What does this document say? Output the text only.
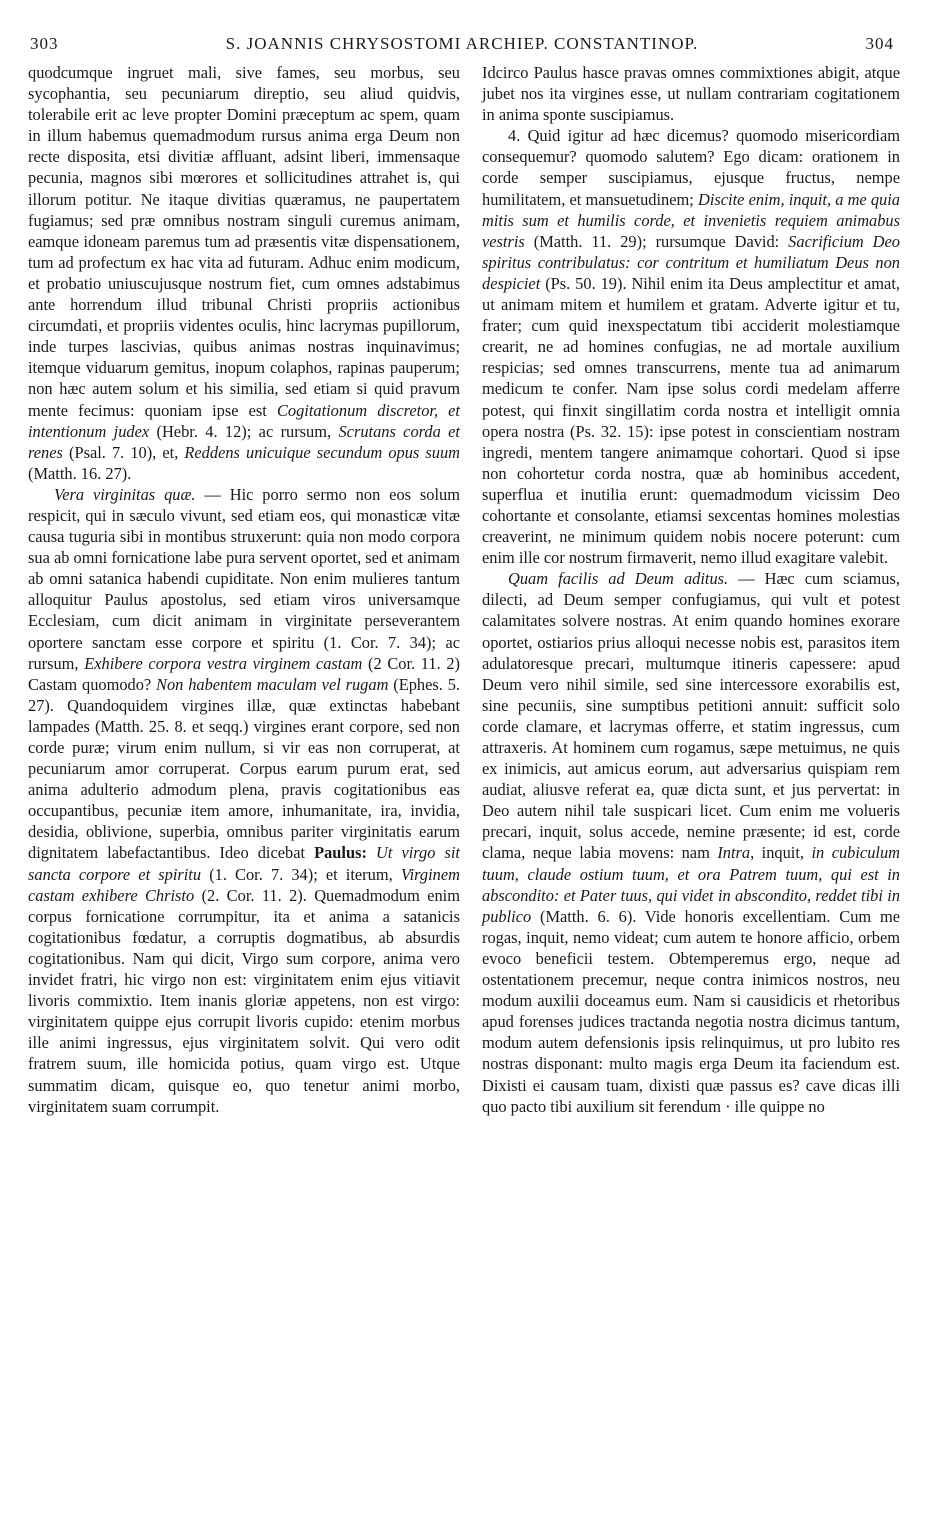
303	S. JOANNIS CHRYSOSTOMI ARCHIEP. CONSTANTINOP.	304

quodcumque ingruet mali, sive fames, seu morbus, seu sycophantia, seu pecuniarum direptio, seu aliud quidvis, tolerabile erit ac leve propter Domini præceptum ac spem, quam in illum habemus quemadmodum rursus anima erga Deum non recte disposita, etsi divitiæ affluant, adsint liberi, immensaque pecunia, magnos sibi mœrores et sollicitudines attrahet is, qui illorum potitur. Ne itaque divitias quæramus, ne paupertatem fugiamus; sed præ omnibus nostram singuli curemus animam, eamque idoneam paremus tum ad præsentis vitæ dispensationem, tum ad profectum ex hac vita ad futuram. Adhuc enim modicum, et probatio uniuscujusque nostrum fiet, cum omnes adstabimus ante horrendum illud tribunal Christi propriis actionibus circumdati, et propriis videntes oculis, hinc lacrymas pupillorum, inde turpes lascivias, quibus animas nostras inquinavimus; itemque viduarum gemitus, inopum colaphos, rapinas pauperum; non hæc autem solum et his similia, sed etiam si quid pravum mente fecimus: quoniam ipse est Cogitationum discretor, et intentionum judex (Hebr. 4. 12); ac rursum, Scrutans corda et renes (Psal. 7. 10), et, Reddens unicuique secundum opus suum (Matth. 16. 27).

Vera virginitas quæ. — Hic porro sermo non eos solum respicit, qui in sæculo vivunt, sed etiam eos, qui monasticæ vitæ causa tuguria sibi in montibus struxerunt: quia non modo corpora sua ab omni fornicatione labe pura servent oportet, sed et animam ab omni satanica habendi cupiditate. Non enim mulieres tantum alloquitur Paulus apostolus, sed etiam viros universamque Ecclesiam, cum dicit animam in virginitate perseverantem oportere sanctam esse corpore et spiritu (1. Cor. 7. 34); ac rursum, Exhibere corpora vestra virginem castam (2 Cor. 11. 2) Castam quomodo? Non habentem maculam vel rugam (Ephes. 5. 27). Quandoquidem virgines illæ, quæ extinctas habebant lampades (Matth. 25. 8. et seqq.) virgines erant corpore, sed non corde puræ; virum enim nullum, si vir eas non corruperat, at pecuniarum amor corruperat. Corpus earum purum erat, sed anima adulterio admodum plena, pravis cogitationibus eas occupantibus, pecuniæ item amore, inhumanitate, ira, invidia, desidia, oblivione, superbia, omnibus pariter virginitatis earum dignitatem labefactantibus. Ideo dicebat Paulus: Ut virgo sit sancta corpore et spiritu (1. Cor. 7. 34); et iterum, Virginem castam exhibere Christo (2. Cor. 11. 2). Quemadmodum enim corpus fornicatione corrumpitur, ita et anima a satanicis cogitationibus fœdatur, a corruptis dogmatibus, ab absurdis cogitationibus. Nam qui dicit, Virgo sum corpore, anima vero invidet fratri, hic virgo non est: virginitatem enim ejus vitiavit livoris commixtio. Item inanis gloriæ appetens, non est virgo: virginitatem quippe ejus corrupit livoris cupido: etenim morbus ille animi ingressus, ejus virginitatem solvit. Qui vero odit fratrem suum, ille homicida potius, quam virgo est. Utque summatim dicam, quisque eo, quo tenetur animi morbo, virginitatem suam corrumpit.

Idcirco Paulus hasce pravas omnes commixtiones abigit, atque jubet nos ita virgines esse, ut nullam contrariam cogitationem in anima sponte suscipiamus.

4. Quid igitur ad hæc dicemus? quomodo misericordiam consequemur? quomodo salutem? Ego dicam: orationem in corde semper suscipiamus, ejusque fructus, nempe humilitatem, et mansuetudinem; Discite enim, inquit, a me quia mitis sum et humilis corde, et invenietis requiem animabus vestris (Matth. 11. 29); rursumque David: Sacrificium Deo spiritus contribulatus: cor contritum et humiliatum Deus non despiciet (Ps. 50. 19). Nihil enim ita Deus amplectitur et amat, ut animam mitem et humilem et gratam. Adverte igitur et tu, frater; cum quid inexspectatum tibi acciderit molestiamque crearit, ne ad homines confugias, ne ad mortale auxilium respicias; sed omnes transcurrens, mente tua ad animarum medicum te confer. Nam ipse solus cordi medelam afferre potest, qui finxit singillatim corda nostra et intelligit omnia opera nostra (Ps. 32. 15): ipse potest in conscientiam nostram ingredi, mentem tangere animamque cohortari. Quod si ipse non cohortetur corda nostra, quæ ab hominibus accedent, superflua et inutilia erunt: quemadmodum vicissim Deo cohortante et consolante, etiamsi sexcentas homines molestias creaverint, ne minimum quidem nobis nocere poterunt: cum enim ille cor nostrum firmaverit, nemo illud exagitare valebit.

Quam facilis ad Deum aditus. — Hæc cum sciamus, dilecti, ad Deum semper confugiamus, qui vult et potest calamitates solvere nostras. At enim quando homines exorare oportet, ostiarios prius alloqui necesse nobis est, parasitos item adulatoresque precari, multumque itineris capessere: apud Deum vero nihil simile, sed sine intercessore exorabilis est, sine pecuniis, sine sumptibus petitioni annuit: sufficit solo corde clamare, et lacrymas offerre, et statim ingressus, cum attraxeris. At hominem cum rogamus, sæpe metuimus, ne quis ex inimicis, aut amicus eorum, aut adversarius quispiam rem audiat, aliusve referat ea, quæ dicta sunt, et jus pervertat: in Deo autem nihil tale suspicari licet. Cum enim me volueris precari, inquit, solus accede, nemine præsente; id est, corde clama, neque labia movens: nam Intra, inquit, in cubiculum tuum, claude ostium tuum, et ora Patrem tuum, qui est in abscondito: et Pater tuus, qui videt in abscondito, reddet tibi in publico (Matth. 6. 6). Vide honoris excellentiam. Cum me rogas, inquit, nemo videat; cum autem te honore afficio, orbem evoco beneficii testem. Obtemperemus ergo, neque ad ostentationem precemur, neque contra inimicos nostros, neu modum auxilii doceamus eum. Nam si causidicis et rhetoribus apud forenses judices tractanda negotia nostra dicimus tantum, modum autem defensionis ipsis relinquimus, ut pro lubito res nostras disponant: multo magis erga Deum ita faciendum est. Dixisti ei causam tuam, dixisti quæ passus es? cave dicas illi quo pacto tibi auxilium sit ferendum · ille quippe no
